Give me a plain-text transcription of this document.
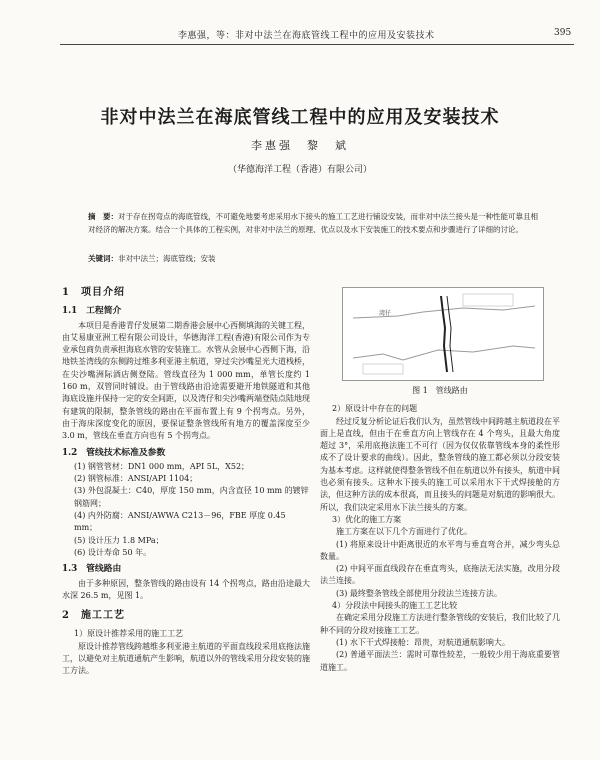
李惠强，等：非对中法兰在海底管线工程中的应用及安装技术	395
非对中法兰在海底管线工程中的应用及安装技术
李惠强　黎　斌
（华德海洋工程（香港）有限公司）
摘　要：对于存在拐弯点的海底管线，不可避免地要考虑采用水下接头的施工工艺进行铺设安装，而非对中法兰接头是一种性能可靠且相对经济的解决方案。结合一个具体的工程实例，对非对中法兰的原理、优点以及水下安装施工的技术要点和步骤进行了详细的讨论。
关键词：非对中法兰；海底管线；安装
1　项目介绍
1.1　工程简介

本项目是香港青仔发展第二期香港会展中心西侧填海的关键工程，由艾易康亚洲工程有限公司设计，华德海洋工程(香港)有限公司作为专业承包商负责承担海底水管的安装施工。水管从会展中心西侧下海，沿地铁荃湾线的东侧跨过维多利亚港主航道，穿过尖沙嘴星光大道栈桥，在尖沙嘴洲际酒店侧登陆。管线直径为 1 000 mm，单管长度约 1 160 m，双管同时铺设。由于管线路由沿途需要避开地铁隧道和其他海底设施并保持一定的安全间距，以及湾仔和尖沙嘴两端登陆点陆地现有建筑的限制，整条管线的路由在平面布置上有 9 个拐弯点。另外，由于海床深度变化的原因，要保证整条管线所有地方的覆盖深度至少 3.0 m，管线在垂直方向也有 5 个拐弯点。

1.2　管线技术标准及参数

(1) 钢管管材：DN1 000 mm，API 5L，X52；

(2) 钢管标准：ANSI/API 1104；

(3) 外包混凝土：C40，厚度 150 mm，内含直径 10 mm 的镀锌钢筋网；

(4) 内外防腐：ANSI/AWWA C213－96，FBE 厚度 0.45 mm；

(5) 设计压力 1.8 MPa；

(6) 设计寿命 50 年。

1.3　管线路由

由于多种原因，整条管线的路由设有 14 个拐弯点，路由沿途最大水深 26.5 m，见图 1。

2　施工工艺

1）原设计推荐采用的施工工艺

原设计推荐管线跨越维多利亚港主航道的平面直线段采用底拖法施工，以避免对主航道通航产生影响，航道以外的管线采用分段安装的施工方法。

湾仔
图 1　管线路由

2）原设计中存在的问题

经过反复分析论证后我们认为，虽然管线中间跨越主航道段在平面上是直线，但由于在垂直方向上管线存在 4 个弯头，且最大角度超过 3°，采用底拖法施工不可行（因为仅仅依靠管线本身的柔性形成不了设计要求的曲线）。因此，整条管线的施工都必须以分段安装为基本考虑。这样就使得整条管线不但在航道以外有接头，航道中间也必须有接头。这种水下接头的施工可以采用水下干式焊接舱的方法，但这种方法的成本很高，而且接头的问题是对航道的影响很大。所以，我们决定采用水下法兰接头的方案。

3）优化的施工方案

施工方案在以下几个方面进行了优化。

(1) 将原来设计中距离很近的水平弯与垂直弯合并，减少弯头总数量。

(2) 中间平面直线段存在垂直弯头，底拖法无法实施，改用分段法兰连接。

(3) 最终整条管线全部使用分段法兰连接方法。

4）分段法中间接头的施工工艺比较

在确定采用分段施工方法进行整条管线的安装后，我们比较了几种不同的分段对接施工工艺。

(1) 水下干式焊接舱：昂贵，对航道通航影响大。

(2) 普通平面法兰：需时可靠性较差，一般较少用于海底重要管道施工。
